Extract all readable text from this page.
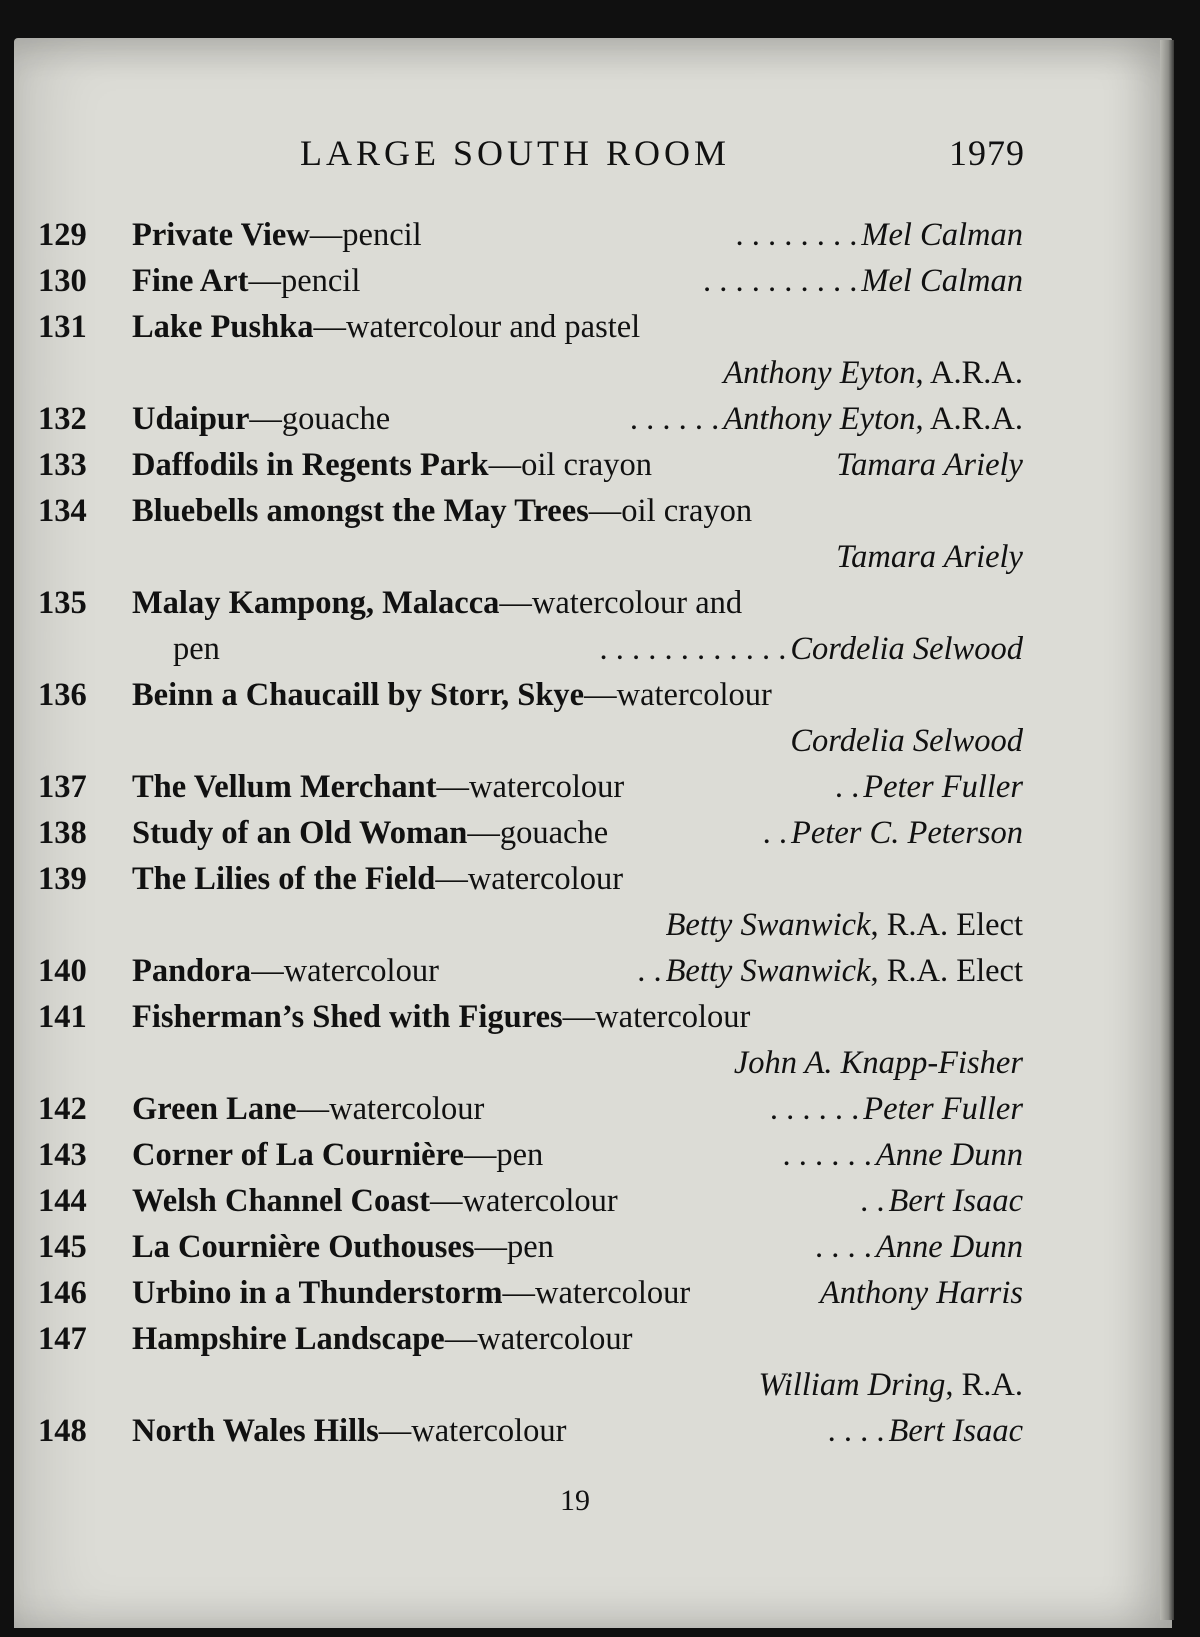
LARGE SOUTH ROOM	1979
129	Private View —pencil	. . . . . . . . Mel Calman
130	Fine Art —pencil	. . . . . . . . . . Mel Calman
131	Lake Pushka —watercolour and pastel
Anthony Eyton, A.R.A.
132	Udaipur —gouache	. . . . . . Anthony Eyton, A.R.A.
133	Daffodils in Regents Park —oil crayon	Tamara Ariely
134	Bluebells amongst the May Trees —oil crayon
Tamara Ariely
135	Malay Kampong, Malacca —watercolour and
pen	. . . . . . . . . . . . Cordelia Selwood
136	Beinn a Chaucaill by Storr, Skye —watercolour
Cordelia Selwood
137	The Vellum Merchant —watercolour	. . Peter Fuller
138	Study of an Old Woman —gouache	. . Peter C. Peterson
139	The Lilies of the Field —watercolour
Betty Swanwick, R.A. Elect
140	Pandora —watercolour	. . Betty Swanwick, R.A. Elect
141	Fisherman’s Shed with Figures —watercolour
John A. Knapp-Fisher
142	Green Lane —watercolour	. . . . . . Peter Fuller
143	Corner of La Cournière —pen	. . . . . . Anne Dunn
144	Welsh Channel Coast —watercolour	. . Bert Isaac
145	La Cournière Outhouses —pen	. . . . Anne Dunn
146	Urbino in a Thunderstorm —watercolour	Anthony Harris
147	Hampshire Landscape —watercolour
William Dring, R.A.
148	North Wales Hills —watercolour	. . . . Bert Isaac
19
